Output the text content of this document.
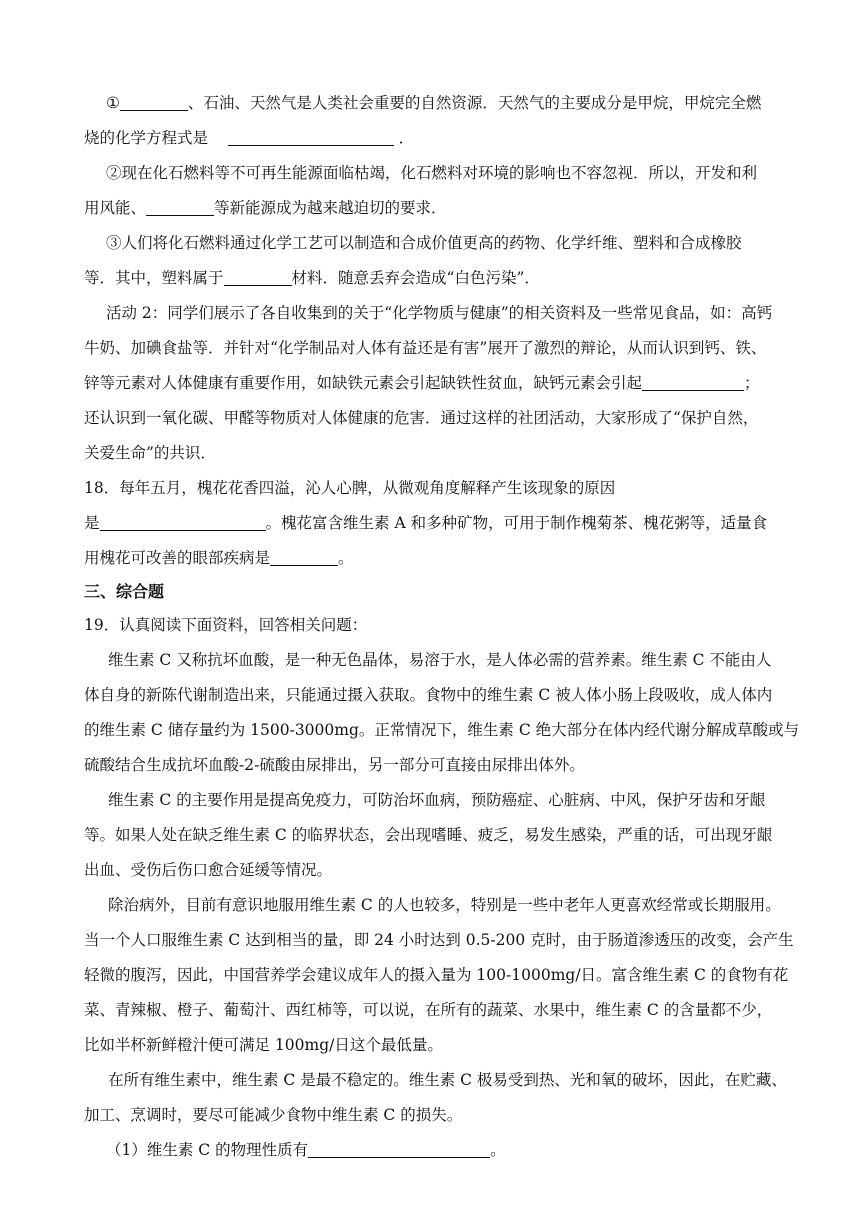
①	、石油、天然气是人类社会重要的自然资源．天然气的主要成分是甲烷，甲烷完全燃
烧的化学方程式是	．
②现在化石燃料等不可再生能源面临枯竭，化石燃料对环境的影响也不容忽视．所以，开发和利
用风能、	等新能源成为越来越迫切的要求．
③人们将化石燃料通过化学工艺可以制造和合成价值更高的药物、化学纤维、塑料和合成橡胶
等．其中，塑料属于	材料．随意丢弃会造成“白色污染”．
活动 2：同学们展示了各自收集到的关于“化学物质与健康”的相关资料及一些常见食品，如：高钙
牛奶、加碘食盐等．并针对“化学制品对人体有益还是有害”展开了激烈的辩论，从而认识到钙、铁、
锌等元素对人体健康有重要作用，如缺铁元素会引起缺铁性贫血，缺钙元素会引起	；
还认识到一氧化碳、甲醛等物质对人体健康的危害．通过这样的社团活动，大家形成了“保护自然，
关爱生命”的共识．
18．每年五月，槐花花香四溢，沁人心脾，从微观角度解释产生该现象的原因
是	。槐花富含维生素 A 和多种矿物，可用于制作槐菊茶、槐花粥等，适量食
用槐花可改善的眼部疾病是	。
三、综合题
19．认真阅读下面资料，回答相关问题：
维生素 C 又称抗坏血酸，是一种无色晶体，易溶于水，是人体必需的营养素。维生素 C 不能由人
体自身的新陈代谢制造出来，只能通过摄入获取。食物中的维生素 C 被人体小肠上段吸收，成人体内
的维生素 C 储存量约为 1500-3000mg。正常情况下，维生素 C 绝大部分在体内经代谢分解成草酸或与
硫酸结合生成抗坏血酸-2-硫酸由尿排出，另一部分可直接由尿排出体外。
维生素 C 的主要作用是提高免疫力，可防治坏血病，预防癌症、心脏病、中风，保护牙齿和牙龈
等。如果人处在缺乏维生素 C 的临界状态，会出现嗜睡、疲乏，易发生感染，严重的话，可出现牙龈
出血、受伤后伤口愈合延缓等情况。
除治病外，目前有意识地服用维生素 C 的人也较多，特别是一些中老年人更喜欢经常或长期服用。
当一个人口服维生素 C 达到相当的量，即 24 小时达到 0.5-200 克时，由于肠道渗透压的改变，会产生
轻微的腹泻，因此，中国营养学会建议成年人的摄入量为 100-1000mg/日。富含维生素 C 的食物有花
菜、青辣椒、橙子、葡萄汁、西红柿等，可以说，在所有的蔬菜、水果中，维生素 C 的含量都不少，
比如半杯新鲜橙汁便可满足 100mg/日这个最低量。
在所有维生素中，维生素 C 是最不稳定的。维生素 C 极易受到热、光和氧的破坏，因此，在贮藏、
加工、烹调时，要尽可能减少食物中维生素 C 的损失。
（1）维生素 C 的物理性质有	。
